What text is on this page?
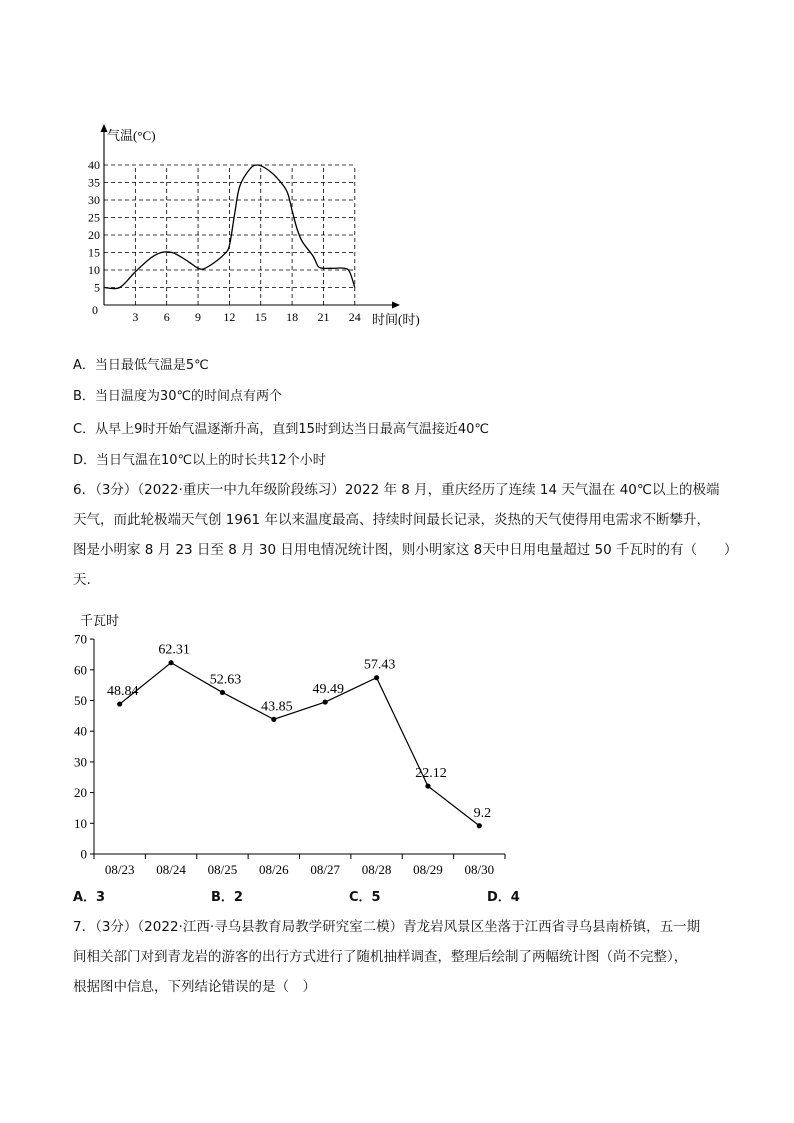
3 6 9 12 15 18 21 24
5
10
15
20
25
30
35
40
气温(°C)
时间(时)
0
A．当日最低气温是5℃
B．当日温度为30℃的时间点有两个
C．从早上9时开始气温逐渐升高，直到15时到达当日最高气温接近40℃
D．当日气温在10℃以上的时长共12个小时

6．（3分）（2022·重庆一中九年级阶段练习）2022 年 8 月，重庆经历了连续 14 天气温在 40℃以上的极端

天气，而此轮极端天气创 1961 年以来温度最高、持续时间最长记录，炎热的天气使得用电需求不断攀升，

图是小明家 8 月 23 日至 8 月 30 日用电情况统计图，则小明家这 8天中日用电量超过 50 千瓦时的有（　　）

天.

0
10
20
30
40
50
60
70
08/23 08/24 08/25 08/26 08/27 08/28 08/29 08/30
48.84
62.31
52.63
43.85
49.49
57.43
22.12
9.2
千瓦时
A．3	B．2	C．5	D．4

7．（3分）（2022·江西·寻乌县教育局教学研究室二模）青龙岩风景区坐落于江西省寻乌县南桥镇，五一期

间相关部门对到青龙岩的游客的出行方式进行了随机抽样调查，整理后绘制了两幅统计图（尚不完整），

根据图中信息，下列结论错误的是（　）
